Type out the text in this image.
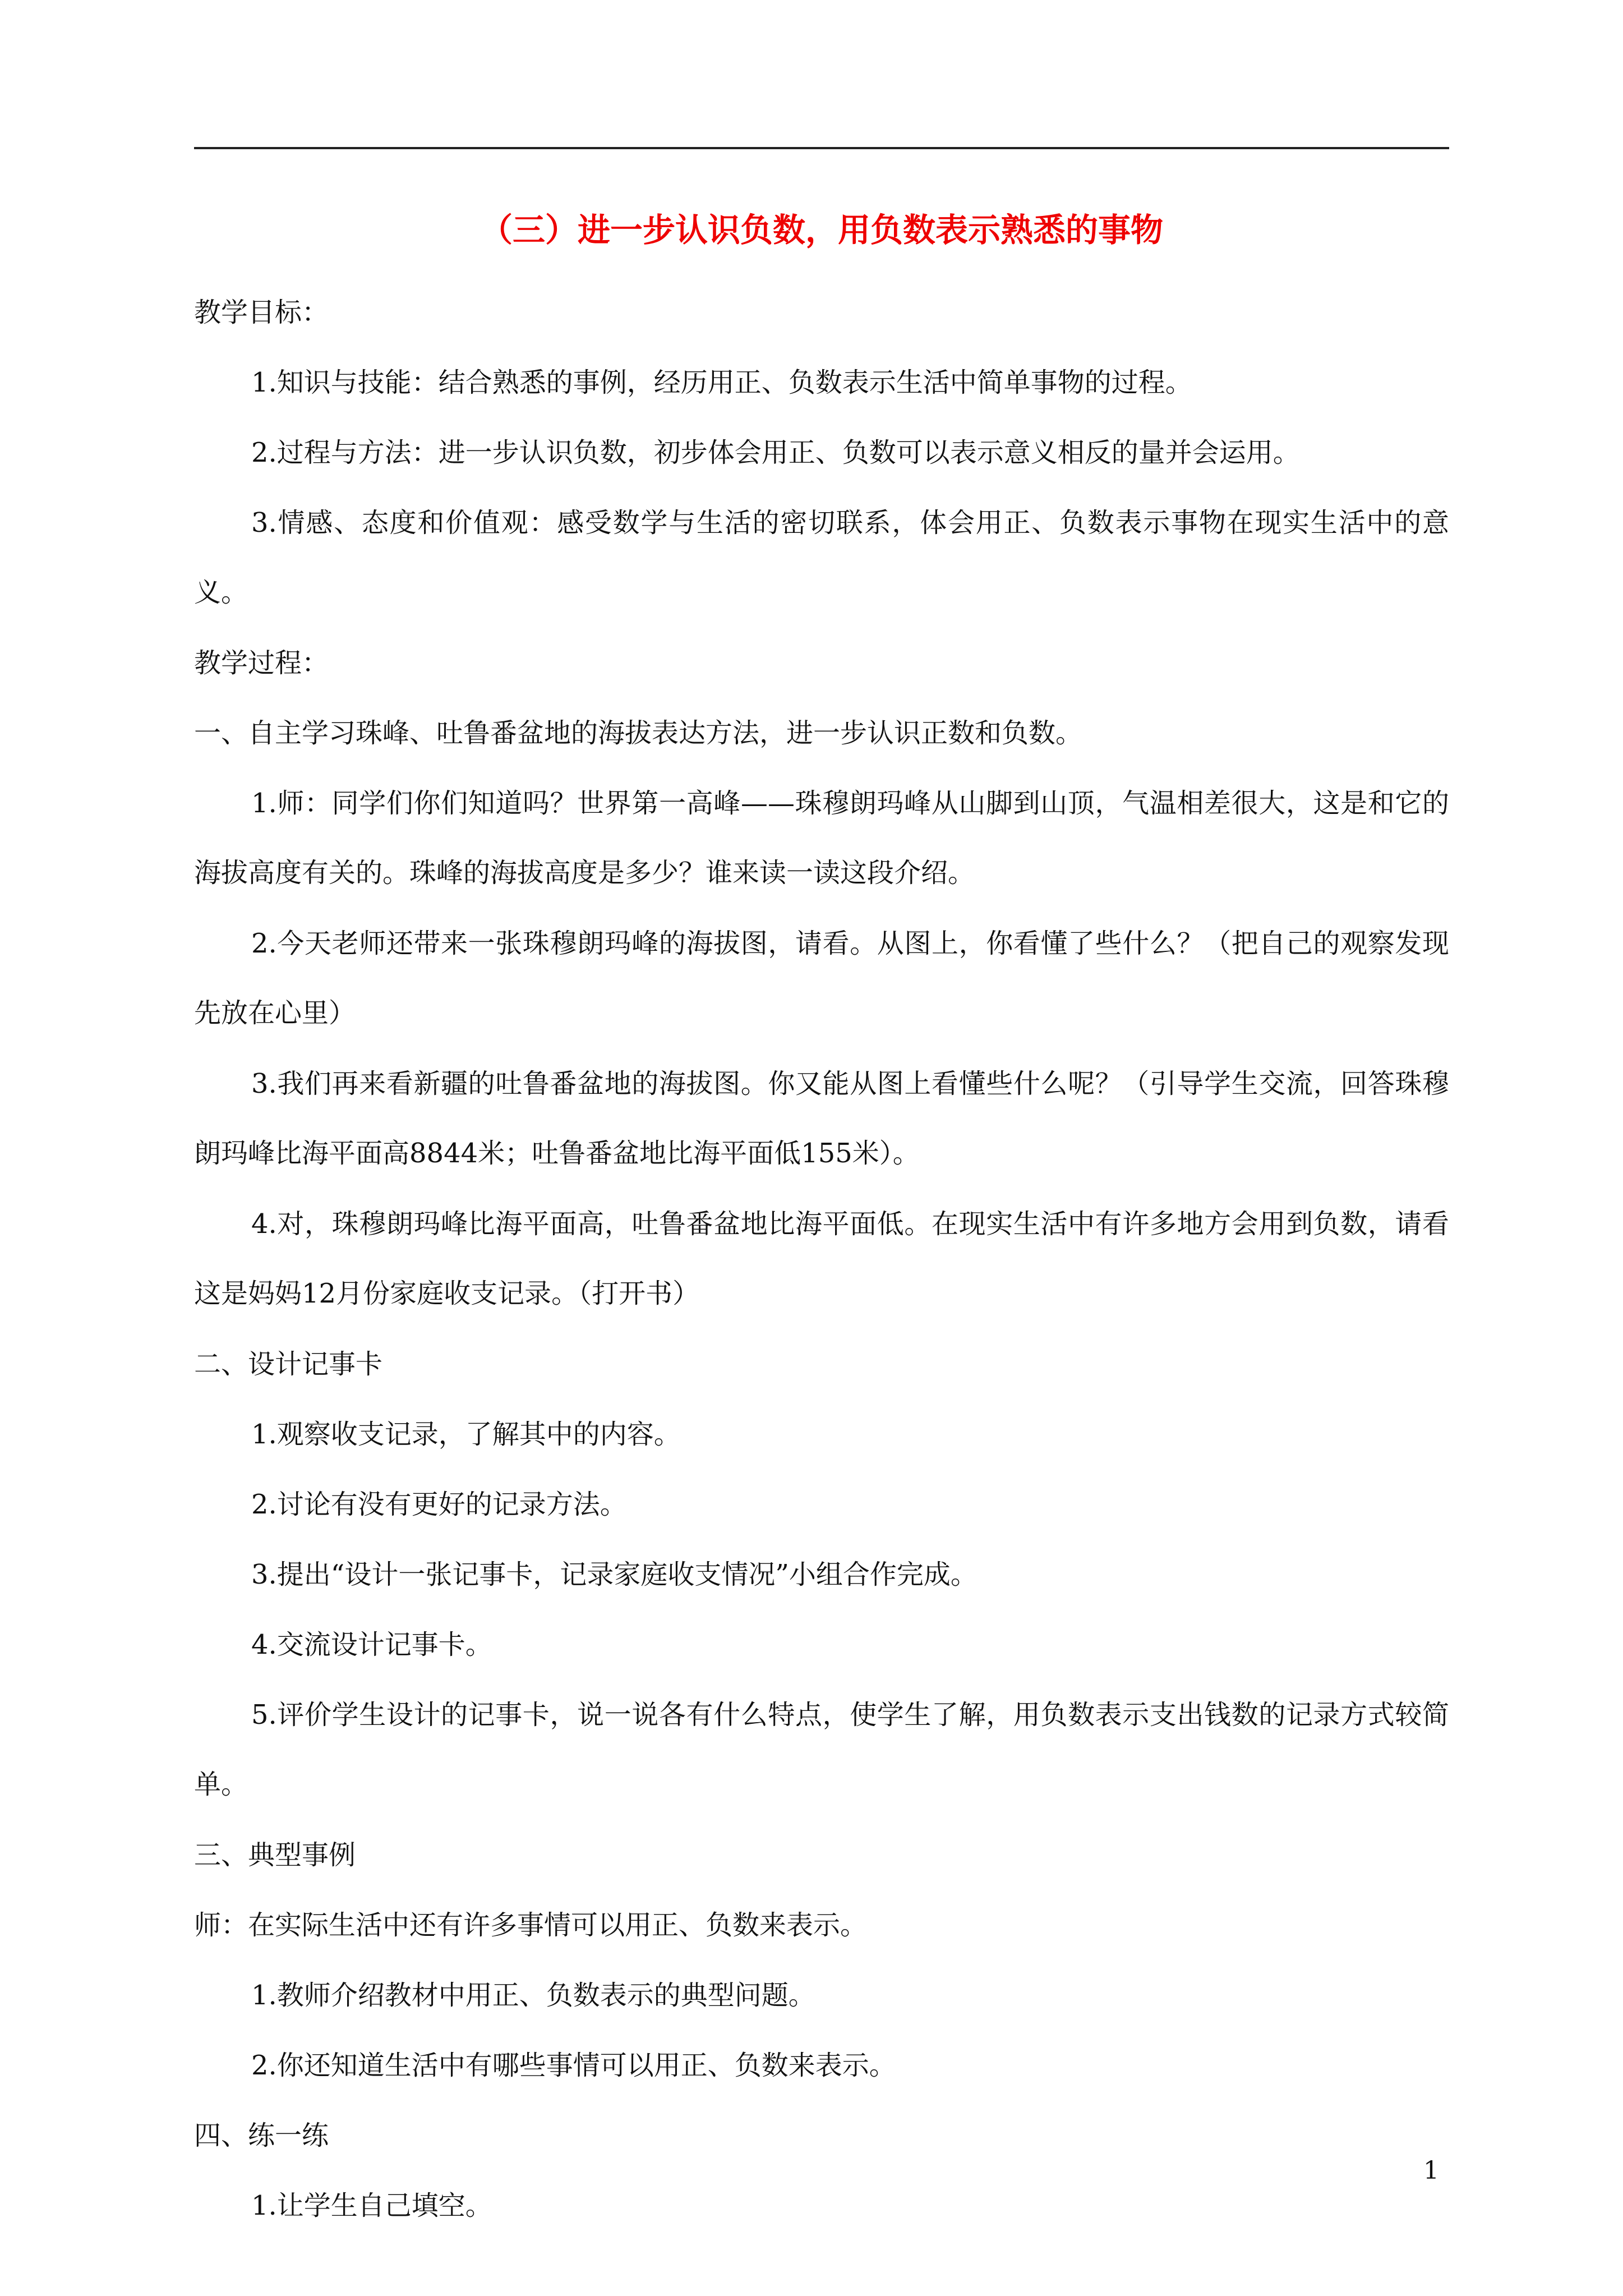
（三）进一步认识负数，用负数表示熟悉的事物

教学目标：

1.知识与技能：结合熟悉的事例，经历用正、负数表示生活中简单事物的过程。

2.过程与方法：进一步认识负数，初步体会用正、负数可以表示意义相反的量并会运用。

3.情感、态度和价值观：感受数学与生活的密切联系，体会用正、负数表示事物在现实生活中的意义。

教学过程：

一、自主学习珠峰、吐鲁番盆地的海拔表达方法，进一步认识正数和负数。

1.师：同学们你们知道吗？世界第一高峰——珠穆朗玛峰从山脚到山顶，气温相差很大，这是和它的海拔高度有关的。珠峰的海拔高度是多少？谁来读一读这段介绍。

2.今天老师还带来一张珠穆朗玛峰的海拔图，请看。从图上，你看懂了些什么？（把自己的观察发现先放在心里）

3.我们再来看新疆的吐鲁番盆地的海拔图。你又能从图上看懂些什么呢？（引导学生交流，回答珠穆朗玛峰比海平面高8844米；吐鲁番盆地比海平面低155米）。

4.对，珠穆朗玛峰比海平面高，吐鲁番盆地比海平面低。在现实生活中有许多地方会用到负数，请看这是妈妈12月份家庭收支记录。（打开书）

二、设计记事卡

1.观察收支记录，了解其中的内容。

2.讨论有没有更好的记录方法。

3.提出“设计一张记事卡，记录家庭收支情况”小组合作完成。

4.交流设计记事卡。

5.评价学生设计的记事卡，说一说各有什么特点，使学生了解，用负数表示支出钱数的记录方式较简单。

三、典型事例

师：在实际生活中还有许多事情可以用正、负数来表示。

1.教师介绍教材中用正、负数表示的典型问题。

2.你还知道生活中有哪些事情可以用正、负数来表示。

四、练一练

1.让学生自己填空。

1
